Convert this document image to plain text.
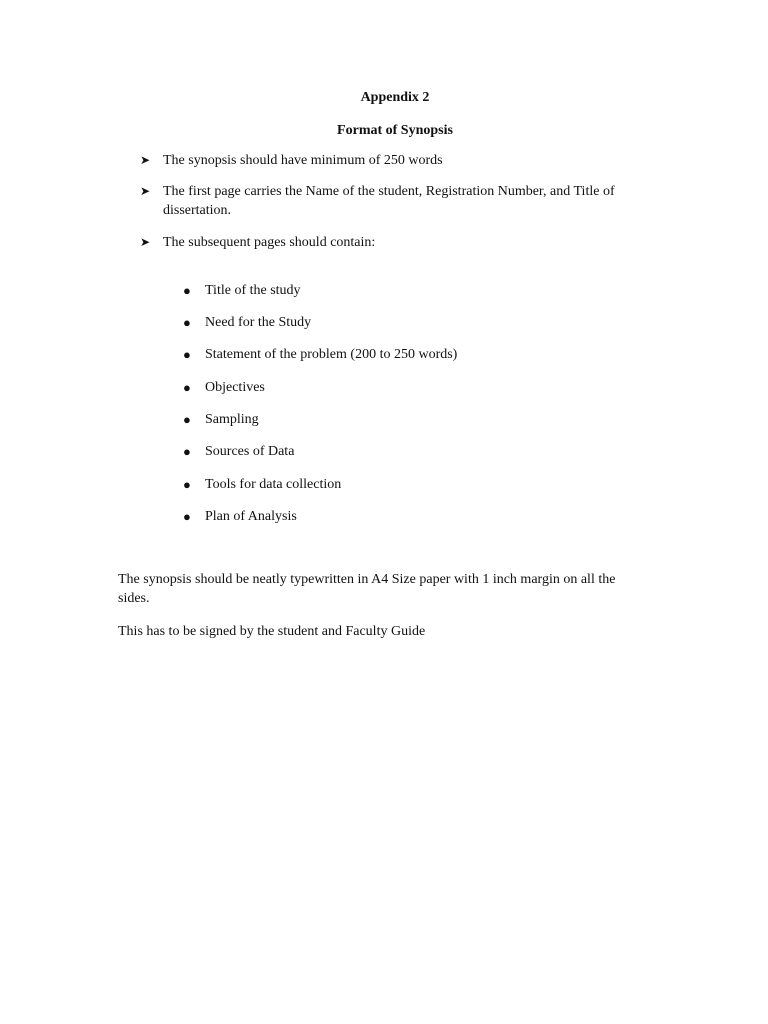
Appendix 2
Format of Synopsis
➤ The synopsis should have minimum of 250 words
➤ The first page carries the Name of the student, Registration Number, and Title of dissertation.
➤ The subsequent pages should contain:
● Title of the study
● Need for the Study
● Statement of the problem (200 to 250 words)
● Objectives
● Sampling
● Sources of Data
● Tools for data collection
● Plan of Analysis
The synopsis should be neatly typewritten in A4 Size paper with 1 inch margin on all the sides.
This has to be signed by the student and Faculty Guide
